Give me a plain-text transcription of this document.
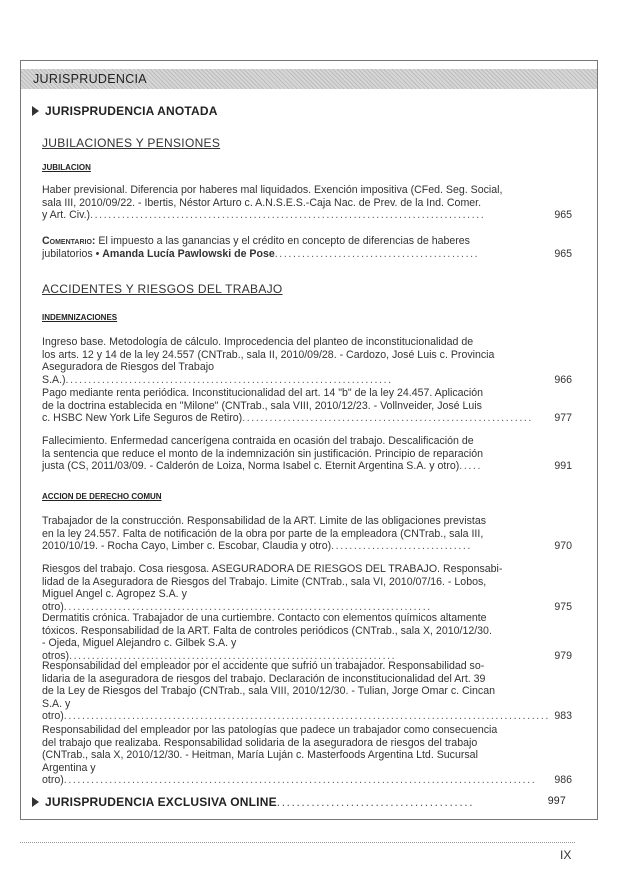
JURISPRUDENCIA
JURISPRUDENCIA ANOTADA
JUBILACIONES Y PENSIONES
JUBILACION
Haber previsional. Diferencia por haberes mal liquidados. Exención impositiva (CFed. Seg. Social,
sala III, 2010/09/22. - Ibertis, Néstor Arturo c. A.N.S.E.S.-Caja Nac. de Prev. de la Ind. Comer.
y Art. Civ.).......................................................................................	965
Comentario: El impuesto a las ganancias y el crédito en concepto de diferencias de haberes
jubilatorios • Amanda Lucía Pawlowski de Pose.............................................	965
ACCIDENTES Y RIESGOS DEL TRABAJO
INDEMNIZACIONES
Ingreso base. Metodología de cálculo. Improcedencia del planteo de inconstitucionalidad de
los arts. 12 y 14 de la ley 24.557 (CNTrab., sala II, 2010/09/28. - Cardozo, José Luis c. Provincia
Aseguradora de Riesgos del Trabajo S.A.)........................................................................	966
Pago mediante renta periódica. Inconstitucionalidad del art. 14 "b" de la ley 24.457. Aplicación
de la doctrina establecida en "Milone" (CNTrab., sala VIII, 2010/12/23. - Vollnveider, José Luis
c. HSBC New York Life Seguros de Retiro)................................................................	977
Fallecimiento. Enfermedad cancerígena contraida en ocasión del trabajo. Descalificación de
la sentencia que reduce el monto de la indemnización sin justificación. Principio de reparación
justa (CS, 2011/03/09. - Calderón de Loiza, Norma Isabel c. Eternit Argentina S.A. y otro).....	991
ACCION DE DERECHO COMUN
Trabajador de la construcción. Responsabilidad de la ART. Limite de las obligaciones previstas
en la ley 24.557. Falta de notificación de la obra por parte de la empleadora (CNTrab., sala III,
2010/10/19. - Rocha Cayo, Limber c. Escobar, Claudia y otro)...............................	970
Riesgos del trabajo. Cosa riesgosa. ASEGURADORA DE RIESGOS DEL TRABAJO. Responsabi-
lidad de la Aseguradora de Riesgos del Trabajo. Limite (CNTrab., sala VI, 2010/07/16. - Lobos,
Miguel Angel c. Agropez S.A. y otro).................................................................................	975
Dermatitis crónica. Trabajador de una curtiembre. Contacto con elementos químicos altamente
tóxicos. Responsabilidad de la ART. Falta de controles periódicos (CNTrab., sala X, 2010/12/30.
- Ojeda, Miguel Alejandro c. Gilbek S.A. y otros)........................................................................	979
Responsabilidad del empleador por el accidente que sufrió un trabajador. Responsabilidad so-
lidaria de la aseguradora de riesgos del trabajo. Declaración de inconstitucionalidad del Art. 39
de la Ley de Riesgos del Trabajo (CNTrab., sala VIII, 2010/12/30. - Tulian, Jorge Omar c. Cincan
S.A. y otro)........................................................................................................... 983
Responsabilidad del empleador por las patologías que padece un trabajador como consecuencia
del trabajo que realizaba. Responsabilidad solidaria de la aseguradora de riesgos del trabajo
(CNTrab., sala X, 2010/12/30. - Heitman, María Luján c. Masterfoods Argentina Ltd. Sucursal
Argentina y otro)........................................................................................................	986
JURISPRUDENCIA EXCLUSIVA ONLINE........................................	997
IX
